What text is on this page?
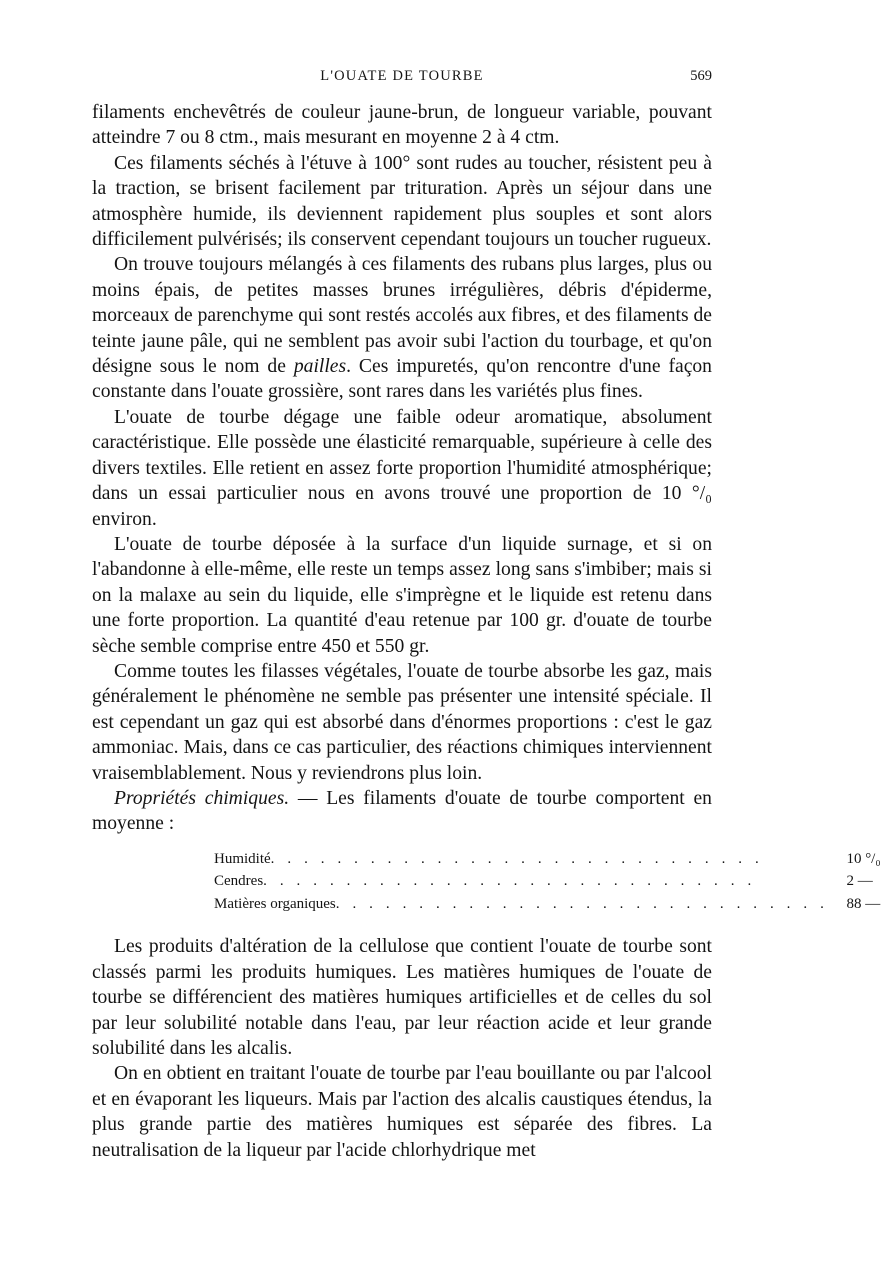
L'OUATE DE TOURBE	569

filaments enchevêtrés de couleur jaune-brun, de longueur variable, pouvant atteindre 7 ou 8 ctm., mais mesurant en moyenne 2 à 4 ctm.

Ces filaments séchés à l'étuve à 100° sont rudes au toucher, résistent peu à la traction, se brisent facilement par trituration. Après un séjour dans une atmosphère humide, ils deviennent rapidement plus souples et sont alors difficilement pulvérisés; ils conservent cependant toujours un toucher rugueux.

On trouve toujours mélangés à ces filaments des rubans plus larges, plus ou moins épais, de petites masses brunes irrégulières, débris d'épiderme, morceaux de parenchyme qui sont restés accolés aux fibres, et des filaments de teinte jaune pâle, qui ne semblent pas avoir subi l'action du tourbage, et qu'on désigne sous le nom de pailles. Ces impuretés, qu'on rencontre d'une façon constante dans l'ouate grossière, sont rares dans les variétés plus fines.

L'ouate de tourbe dégage une faible odeur aromatique, absolument caractéristique. Elle possède une élasticité remarquable, supérieure à celle des divers textiles. Elle retient en assez forte proportion l'humidité atmosphérique; dans un essai particulier nous en avons trouvé une proportion de 10 °/₀ environ.

L'ouate de tourbe déposée à la surface d'un liquide surnage, et si on l'abandonne à elle-même, elle reste un temps assez long sans s'imbiber; mais si on la malaxe au sein du liquide, elle s'imprègne et le liquide est retenu dans une forte proportion. La quantité d'eau retenue par 100 gr. d'ouate de tourbe sèche semble comprise entre 450 et 550 gr.

Comme toutes les filasses végétales, l'ouate de tourbe absorbe les gaz, mais généralement le phénomène ne semble pas présenter une intensité spéciale. Il est cependant un gaz qui est absorbé dans d'énormes proportions : c'est le gaz ammoniac. Mais, dans ce cas particulier, des réactions chimiques interviennent vraisemblablement. Nous y reviendrons plus loin.

Propriétés chimiques. — Les filaments d'ouate de tourbe comportent en moyenne :

Humidité. . . . . . . . . . . . . . . . . . . . . . . . . . . . . .	10 °/₀
Cendres. . . . . . . . . . . . . . . . . . . . . . . . . . . . . .	2 —
Matières organiques. . . . . . . . . . . . . . . . . . . . . . . . . . . . . .	88 —

Les produits d'altération de la cellulose que contient l'ouate de tourbe sont classés parmi les produits humiques. Les matières humiques de l'ouate de tourbe se différencient des matières humiques artificielles et de celles du sol par leur solubilité notable dans l'eau, par leur réaction acide et leur grande solubilité dans les alcalis.

On en obtient en traitant l'ouate de tourbe par l'eau bouillante ou par l'alcool et en évaporant les liqueurs. Mais par l'action des alcalis caustiques étendus, la plus grande partie des matières humiques est séparée des fibres. La neutralisation de la liqueur par l'acide chlorhydrique met
